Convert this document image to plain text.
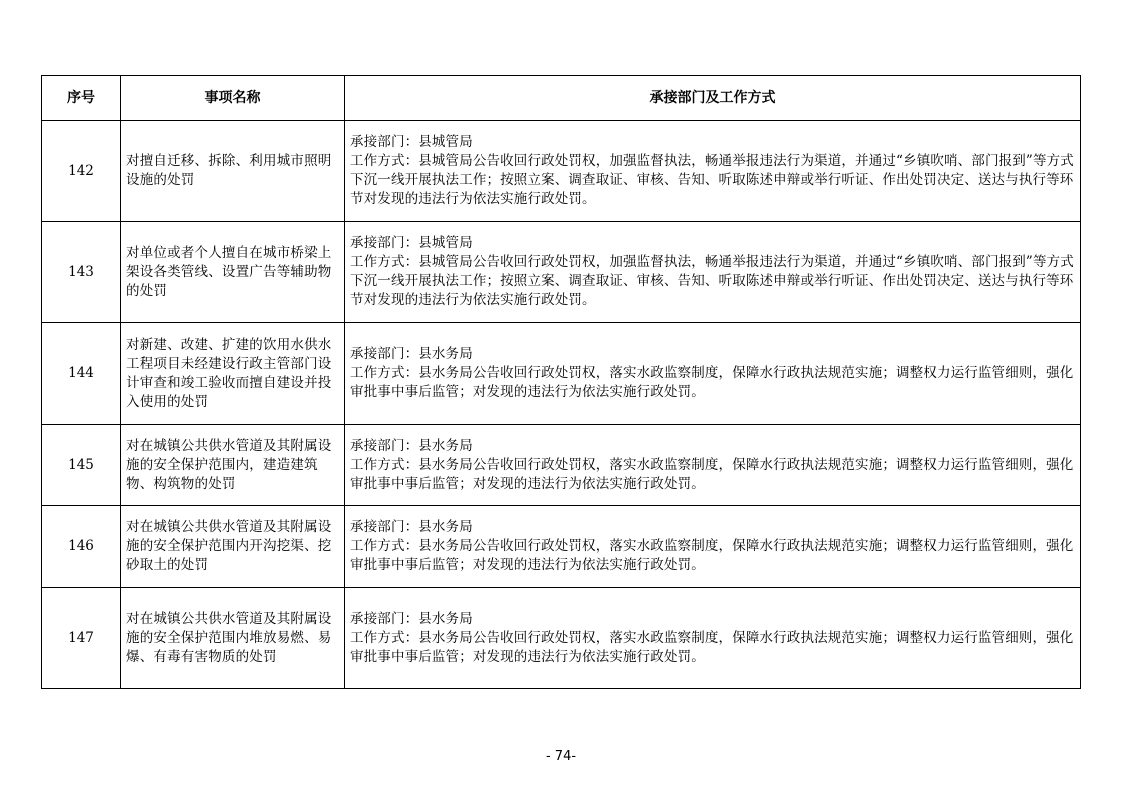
序号	事项名称	承接部门及工作方式
142	对擅自迁移、拆除、利用城市照明设施的处罚	承接部门：县城管局
工作方式：县城管局公告收回行政处罚权，加强监督执法，畅通举报违法行为渠道，并通过“乡镇吹哨、部门报到”等方式下沉一线开展执法工作；按照立案、调查取证、审核、告知、听取陈述申辩或举行听证、作出处罚决定、送达与执行等环节对发现的违法行为依法实施行政处罚。

143	对单位或者个人擅自在城市桥梁上架设各类管线、设置广告等辅助物的处罚	承接部门：县城管局
工作方式：县城管局公告收回行政处罚权，加强监督执法，畅通举报违法行为渠道，并通过“乡镇吹哨、部门报到”等方式下沉一线开展执法工作；按照立案、调查取证、审核、告知、听取陈述申辩或举行听证、作出处罚决定、送达与执行等环节对发现的违法行为依法实施行政处罚。

144	对新建、改建、扩建的饮用水供水工程项目未经建设行政主管部门设计审查和竣工验收而擅自建设并投入使用的处罚	承接部门：县水务局
工作方式：县水务局公告收回行政处罚权，落实水政监察制度，保障水行政执法规范实施；调整权力运行监管细则，强化审批事中事后监管；对发现的违法行为依法实施行政处罚。

145	对在城镇公共供水管道及其附属设施的安全保护范围内，建造建筑物、构筑物的处罚	承接部门：县水务局
工作方式：县水务局公告收回行政处罚权，落实水政监察制度，保障水行政执法规范实施；调整权力运行监管细则，强化审批事中事后监管；对发现的违法行为依法实施行政处罚。

146	对在城镇公共供水管道及其附属设施的安全保护范围内开沟挖渠、挖砂取土的处罚	承接部门：县水务局
工作方式：县水务局公告收回行政处罚权，落实水政监察制度，保障水行政执法规范实施；调整权力运行监管细则，强化审批事中事后监管；对发现的违法行为依法实施行政处罚。

147	对在城镇公共供水管道及其附属设施的安全保护范围内堆放易燃、易爆、有毒有害物质的处罚	承接部门：县水务局
工作方式：县水务局公告收回行政处罚权，落实水政监察制度，保障水行政执法规范实施；调整权力运行监管细则，强化审批事中事后监管；对发现的违法行为依法实施行政处罚。
- 74-
